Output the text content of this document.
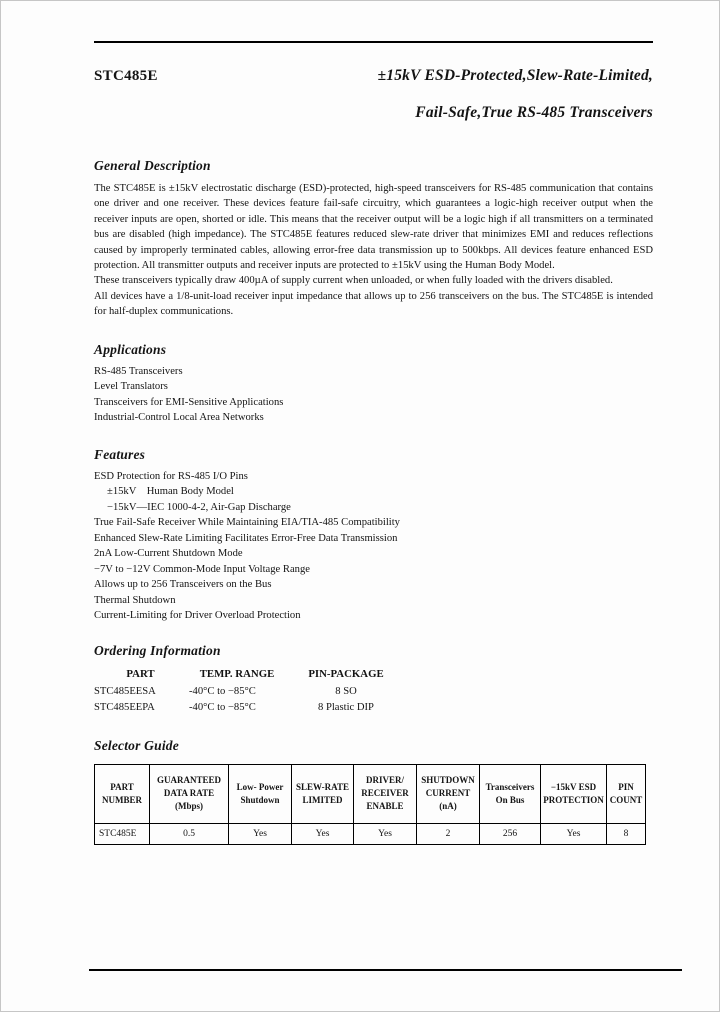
STC485E	±15kV ESD-Protected,Slew-Rate-Limited,
Fail-Safe,True RS-485 Transceivers
General Description

The STC485E is ±15kV electrostatic discharge (ESD)-protected, high-speed transceivers for RS-485 communication that contains one driver and one receiver. These devices feature fail-safe circuitry, which guarantees a logic-high receiver output when the receiver inputs are open, shorted or idle. This means that the receiver output will be a logic high if all transmitters on a terminated bus are disabled (high impedance). The STC485E features reduced slew-rate driver that minimizes EMI and reduces reflections caused by improperly terminated cables, allowing error-free data transmission up to 500kbps. All devices feature enhanced ESD protection. All transmitter outputs and receiver inputs are protected to ±15kV using the Human Body Model.

These transceivers typically draw 400µA of supply current when unloaded, or when fully loaded with the drivers disabled.

All devices have a 1/8-unit-load receiver input impedance that allows up to 256 transceivers on the bus. The STC485E is intended for half-duplex communications.

Applications
RS-485 Transceivers
Level Translators
Transceivers for EMI-Sensitive Applications
Industrial-Control Local Area Networks
Features
ESD Protection for RS-485 I/O Pins
±15kV    Human Body Model
−15kV—IEC 1000-4-2, Air-Gap Discharge
True Fail-Safe Receiver While Maintaining EIA/TIA-485 Compatibility
Enhanced Slew-Rate Limiting Facilitates Error-Free Data Transmission
2nA Low-Current Shutdown Mode
−7V to −12V Common-Mode Input Voltage Range
Allows up to 256 Transceivers on the Bus
Thermal Shutdown
Current-Limiting for Driver Overload Protection
Ordering Information
PART	TEMP. RANGE	PIN-PACKAGE
STC485EESA	-40°C to −85°C	8 SO
STC485EEPA	-40°C to −85°C	8 Plastic DIP
Selector Guide
PART NUMBER	GUARANTEED DATA RATE (Mbps)	Low- Power Shutdown	SLEW-RATE LIMITED	DRIVER/ RECEIVER ENABLE	SHUTDOWN CURRENT (nA)	Transceivers On Bus	−15kV ESD PROTECTION	PIN COUNT
STC485E	0.5	Yes	Yes	Yes	2	256	Yes	8
